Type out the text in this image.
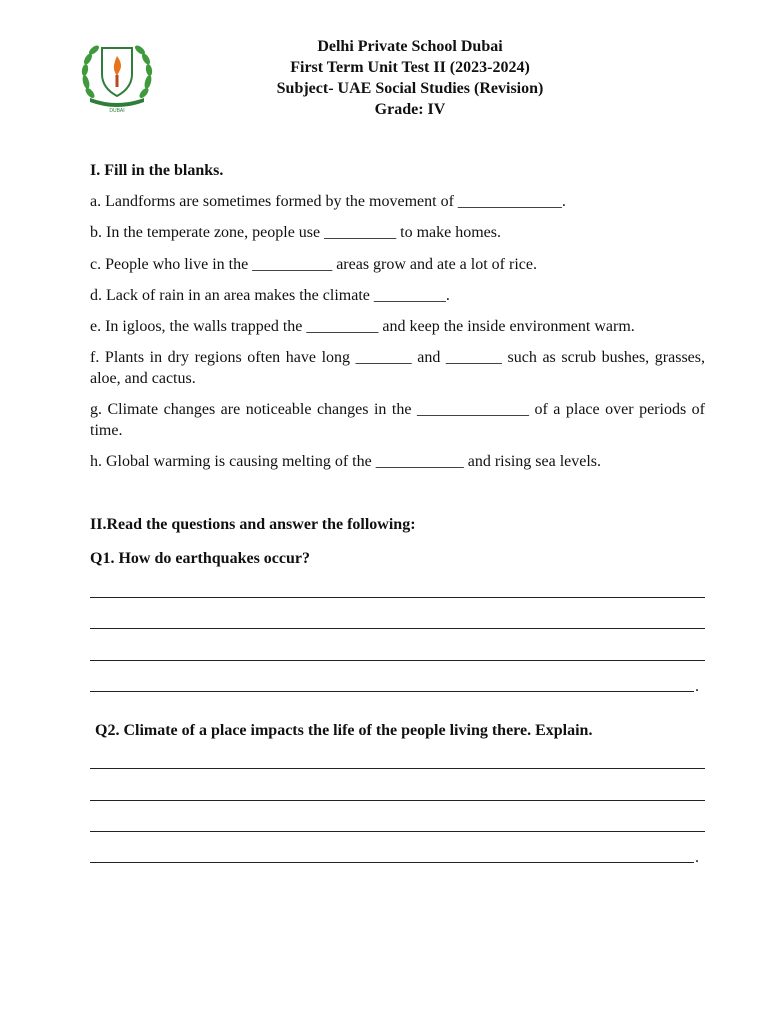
DUBAI
Delhi Private School Dubai
First Term Unit Test II (2023-2024)
Subject- UAE Social Studies (Revision)
Grade: IV
I. Fill in the blanks.
a. Landforms are sometimes formed by the movement of _____________.
b. In the temperate zone, people use _________ to make homes.
c. People who live in the __________ areas grow and ate a lot of rice.
d. Lack of rain in an area makes the climate _________.
e. In igloos, the walls trapped the _________ and keep the inside environment warm.
f. Plants in dry regions often have long _______ and _______ such as scrub bushes, grasses, aloe, and cactus.
g. Climate changes are noticeable changes in the ______________ of a place over periods of time.
h. Global warming is causing melting of the ___________ and rising sea levels.
II.Read the questions and answer the following:
Q1. How do earthquakes occur?
Q2. Climate of a place impacts the life of the people living there. Explain.
.
.
